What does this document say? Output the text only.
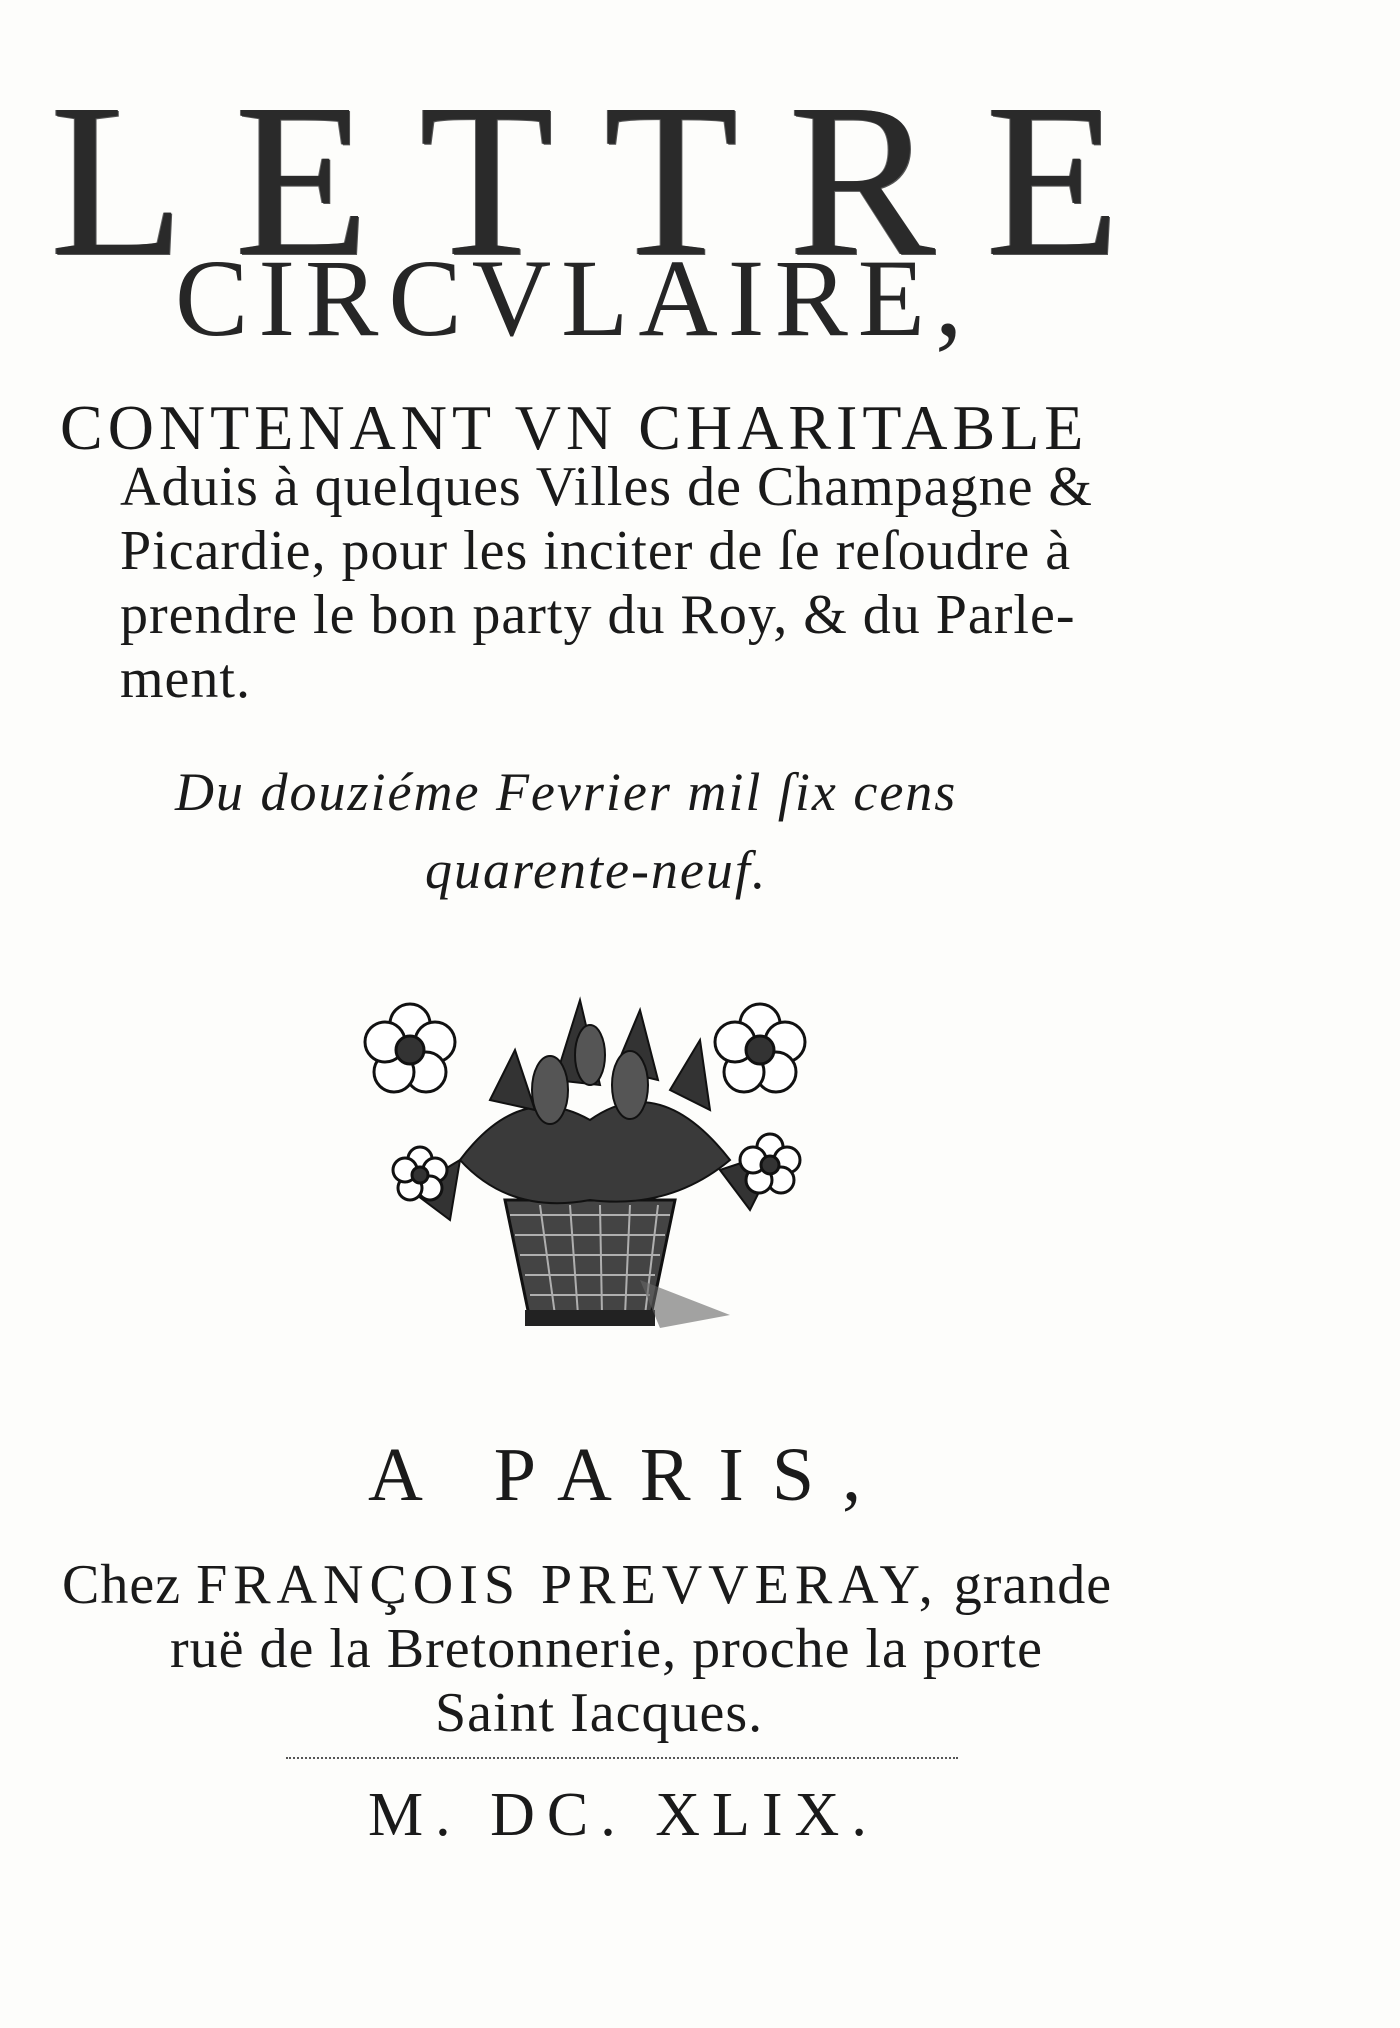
L E T T R E
CIRCVLAIRE,
CONTENANT VN CHARITABLE
Aduis à quelques Villes de Champagne &
Picardie, pour les inciter de ſe reſoudre à
prendre le bon party du Roy, & du Parle-
ment.
Du douziéme Fevrier mil ſix cens
quarente-neuf.
A PARIS,
Chez FRANÇOIS PREVVERAY, grande
ruë de la Bretonnerie, proche la porte
Saint Iacques.
M. DC. XLIX.
